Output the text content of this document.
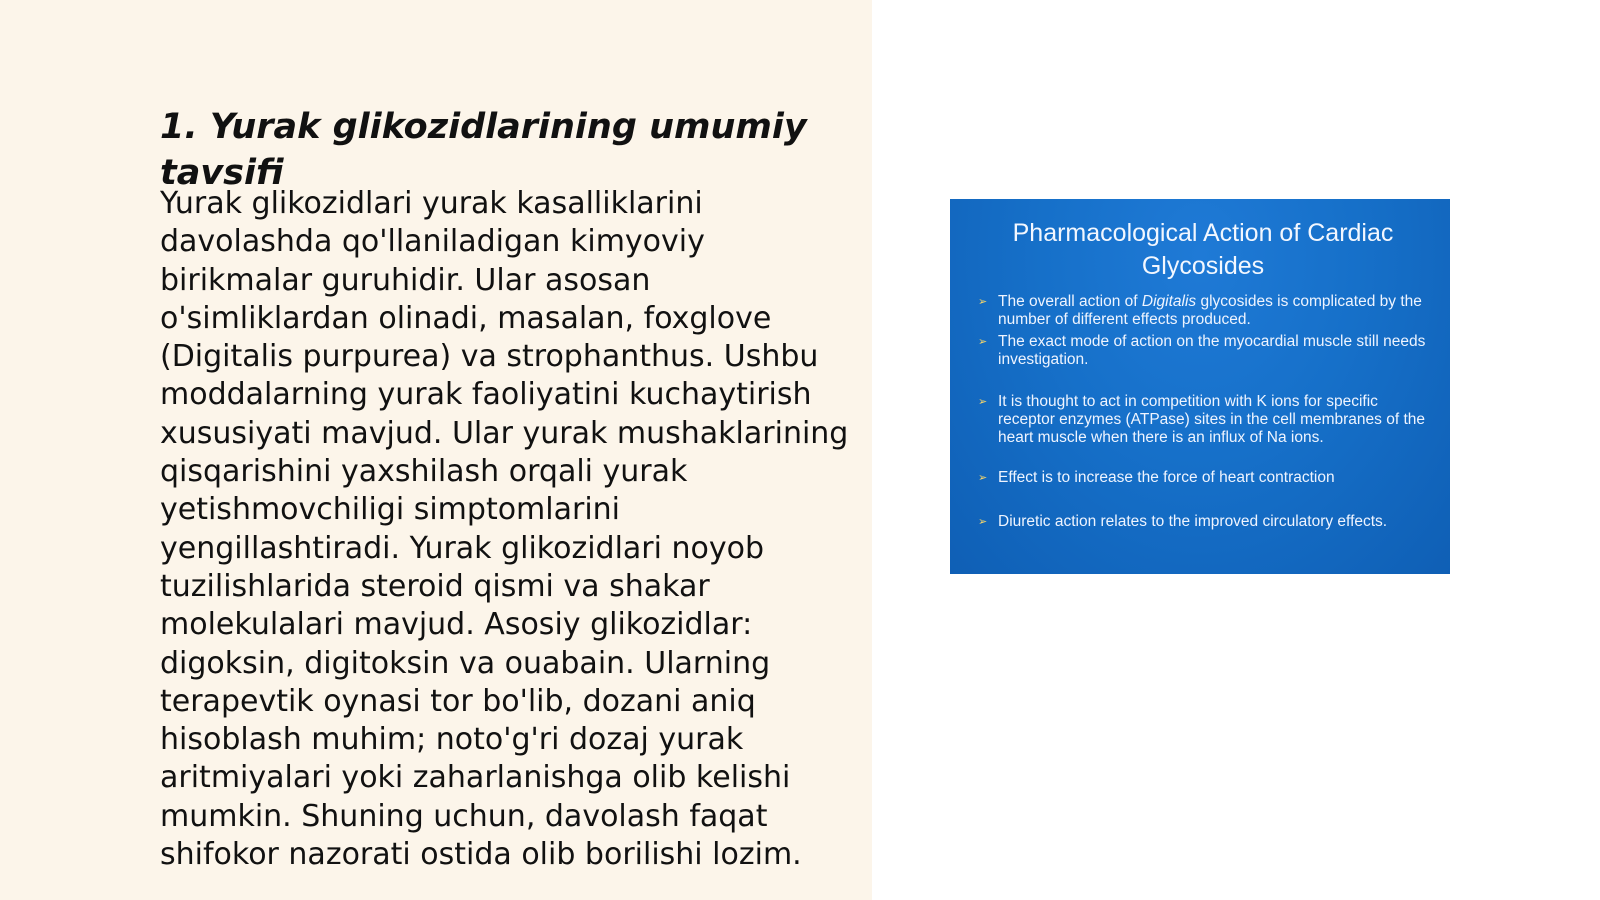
1. Yurak glikozidlarining umumiy tavsifi

Yurak glikozidlari yurak kasalliklarini davolashda qo'llaniladigan kimyoviy birikmalar guruhidir. Ular asosan o'simliklardan olinadi, masalan, foxglove (Digitalis purpurea) va strophanthus. Ushbu moddalarning yurak faoliyatini kuchaytirish xususiyati mavjud. Ular yurak mushaklarining qisqarishini yaxshilash orqali yurak yetishmovchiligi simptomlarini yengillashtiradi. Yurak glikozidlari noyob tuzilishlarida steroid qismi va shakar molekulalari mavjud. Asosiy glikozidlar: digoksin, digitoksin va ouabain. Ularning terapevtik oynasi tor bo'lib, dozani aniq hisoblash muhim; noto'g'ri dozaj yurak aritmiyalari yoki zaharlanishga olib kelishi mumkin. Shuning uchun, davolash faqat shifokor nazorati ostida olib borilishi lozim.

Pharmacological Action of Cardiac Glycosides
➢ The overall action of Digitalis glycosides is complicated by the number of different effects produced.
➢ The exact mode of action on the myocardial muscle still needs investigation.
➢ It is thought to act in competition with K ions for specific receptor enzymes (ATPase) sites in the cell membranes of the heart muscle when there is an influx of Na ions.
➢ Effect is to increase the force of heart contraction
➢ Diuretic action relates to the improved circulatory effects.
